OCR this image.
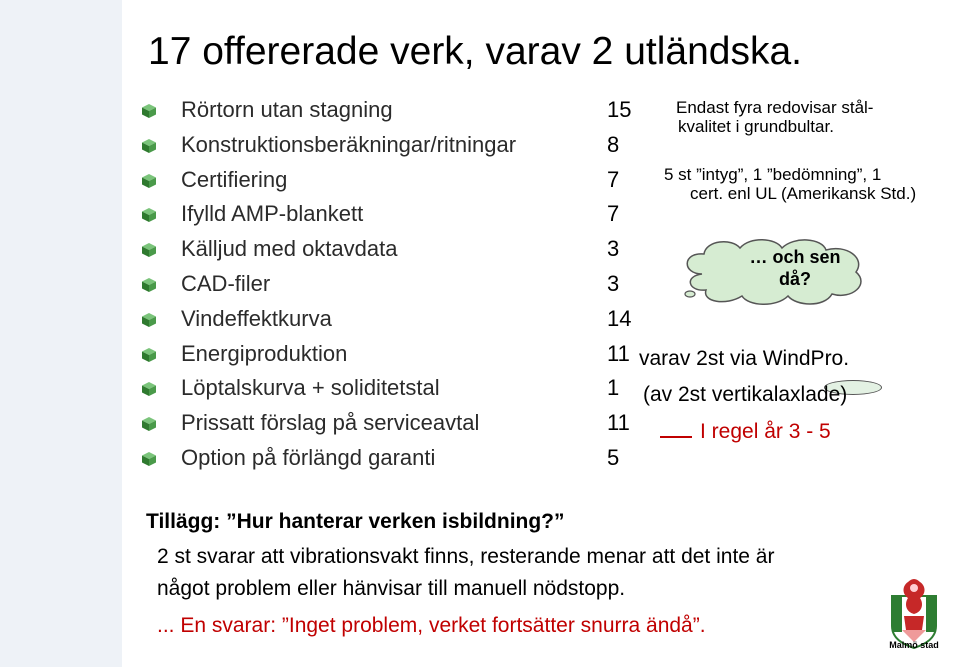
17 offererade verk, varav 2 utländska.
Rörtorn utan stagning	15
Konstruktionsberäkningar/ritningar	8
Certifiering	7
Ifylld AMP-blankett	7
Källjud med oktavdata	3
CAD-filer	3
Vindeffektkurva	14
Energiproduktion	11
Löptalskurva + soliditetstal	1
Prissatt förslag på serviceavtal	11
Option på förlängd garanti	5
Endast fyra redovisar stål-
kvalitet i grundbultar.
5 st ”intyg”, 1 ”bedömning”, 1
cert. enl UL (Amerikansk Std.)
… och sen
då?
varav 2st via WindPro.
(av 2st vertikalaxlade)
I regel år 3 - 5
Tillägg: ”Hur hanterar verken isbildning?”
2 st svarar att vibrationsvakt finns, resterande menar att det inte är
något problem eller hänvisar till manuell nödstopp.
... En svarar: ”Inget problem, verket fortsätter snurra ändå”.
Malmö stad
